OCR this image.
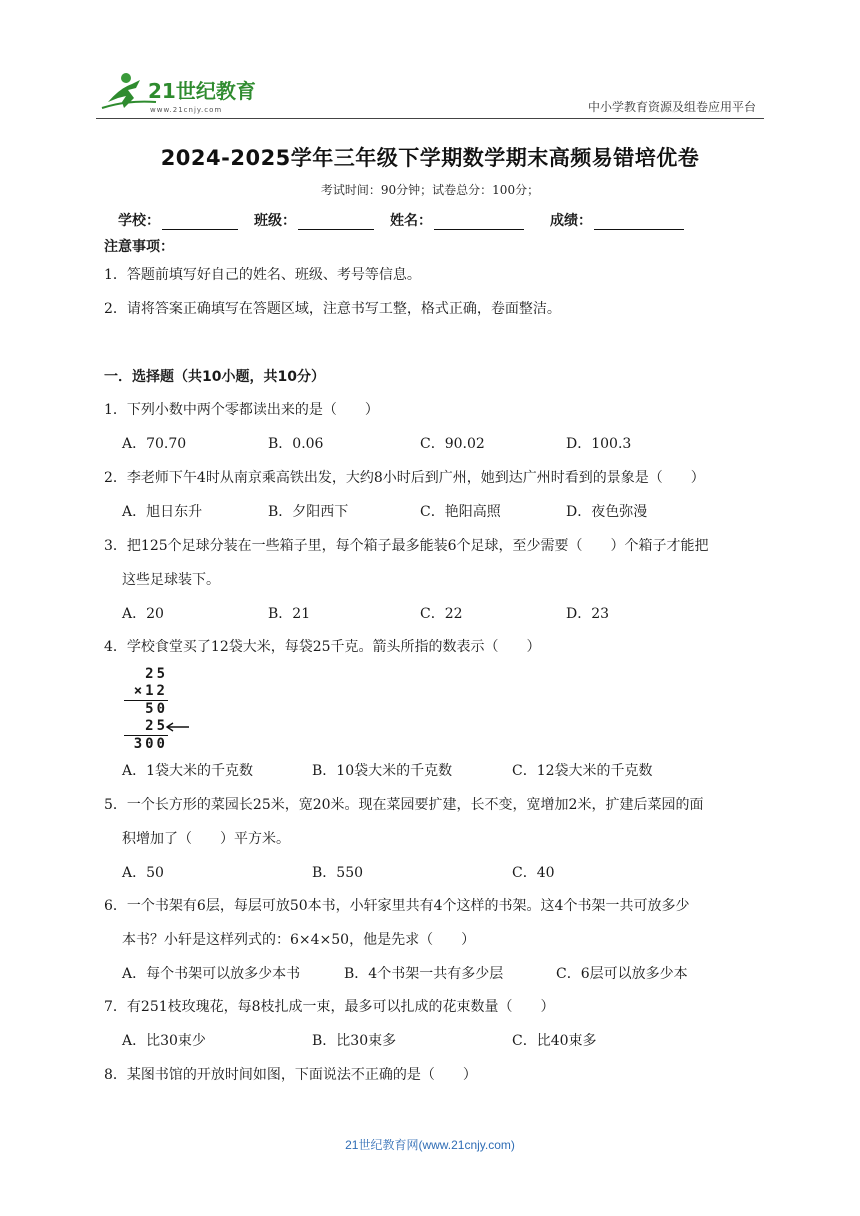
21世纪教育
www.21cnjy.com	中小学教育资源及组卷应用平台
2024-2025学年三年级下学期数学期末高频易错培优卷
考试时间：90分钟；试卷总分：100分；
学校：	班级：	姓名：	成绩：
注意事项：
1．答题前填写好自己的姓名、班级、考号等信息。
2．请将答案正确填写在答题区域，注意书写工整，格式正确，卷面整洁。
一．选择题（共10小题，共10分）
1．下列小数中两个零都读出来的是（　　）
A．70.70	B．0.06	C．90.02	D．100.3
2．李老师下午4时从南京乘高铁出发，大约8小时后到广州，她到达广州时看到的景象是（　　）
A．旭日东升	B．夕阳西下	C．艳阳高照	D．夜色弥漫
3．把125个足球分装在一些箱子里，每个箱子最多能装6个足球，至少需要（　　）个箱子才能把
这些足球装下。
A．20	B．21	C．22	D．23
4．学校食堂买了12袋大米，每袋25千克。箭头所指的数表示（　　）
25
×12
50
25
300
A．1袋大米的千克数	B．10袋大米的千克数	C．12袋大米的千克数
5．一个长方形的菜园长25米，宽20米。现在菜园要扩建，长不变，宽增加2米，扩建后菜园的面
积增加了（　　）平方米。
A．50	B．550	C．40
6．一个书架有6层，每层可放50本书，小轩家里共有4个这样的书架。这4个书架一共可放多少
本书？小轩是这样列式的：6×4×50，他是先求（　　）
A．每个书架可以放多少本书	B．4个书架一共有多少层	C．6层可以放多少本
7．有251枝玫瑰花，每8枝扎成一束，最多可以扎成的花束数量（　　）
A．比30束少	B．比30束多	C．比40束多
8．某图书馆的开放时间如图，下面说法不正确的是（　　）
21世纪教育网(www.21cnjy.com)
